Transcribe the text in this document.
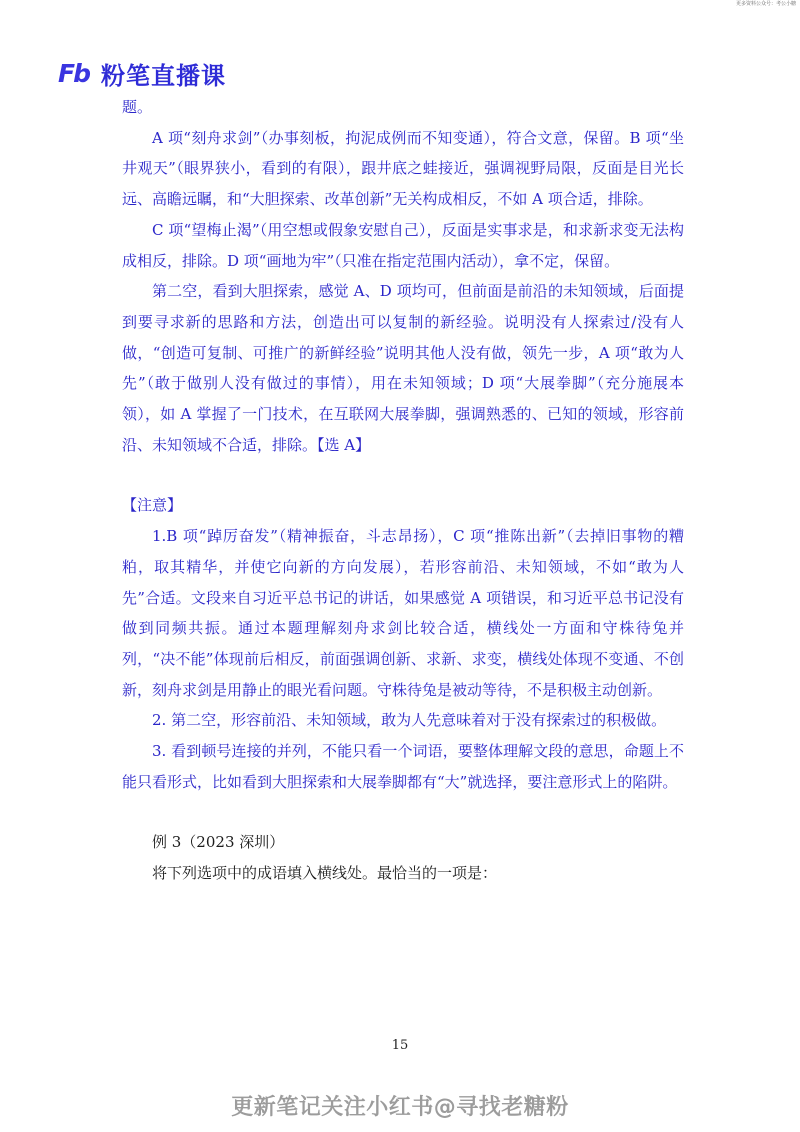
更多资料公众号：考公小糖
Fb 粉笔直播课

题。

A 项“刻舟求剑”（办事刻板，拘泥成例而不知变通），符合文意，保留。B 项“坐井观天”（眼界狭小，看到的有限），跟井底之蛙接近，强调视野局限，反面是目光长远、高瞻远瞩，和“大胆探索、改革创新”无关构成相反，不如 A 项合适，排除。

C 项“望梅止渴”（用空想或假象安慰自己），反面是实事求是，和求新求变无法构成相反，排除。D 项“画地为牢”（只准在指定范围内活动），拿不定，保留。

第二空，看到大胆探索，感觉 A、D 项均可，但前面是前沿的未知领域，后面提到要寻求新的思路和方法，创造出可以复制的新经验。说明没有人探索过/没有人做，“创造可复制、可推广的新鲜经验”说明其他人没有做，领先一步，A 项“敢为人先”（敢于做别人没有做过的事情），用在未知领域；D 项“大展拳脚”（充分施展本领），如 A 掌握了一门技术，在互联网大展拳脚，强调熟悉的、已知的领域，形容前沿、未知领域不合适，排除。【选 A】

【注意】

1.B 项“踔厉奋发”（精神振奋，斗志昂扬），C 项“推陈出新”（去掉旧事物的糟粕，取其精华，并使它向新的方向发展），若形容前沿、未知领域，不如“敢为人先”合适。文段来自习近平总书记的讲话，如果感觉 A 项错误，和习近平总书记没有做到同频共振。通过本题理解刻舟求剑比较合适，横线处一方面和守株待兔并列，“决不能”体现前后相反，前面强调创新、求新、求变，横线处体现不变通、不创新，刻舟求剑是用静止的眼光看问题。守株待兔是被动等待，不是积极主动创新。

2. 第二空，形容前沿、未知领域，敢为人先意味着对于没有探索过的积极做。

3. 看到顿号连接的并列，不能只看一个词语，要整体理解文段的意思，命题上不能只看形式，比如看到大胆探索和大展拳脚都有“大”就选择，要注意形式上的陷阱。

例 3（2023 深圳）

将下列选项中的成语填入横线处。最恰当的一项是：

15
更新笔记关注小红书@寻找老糖粉
